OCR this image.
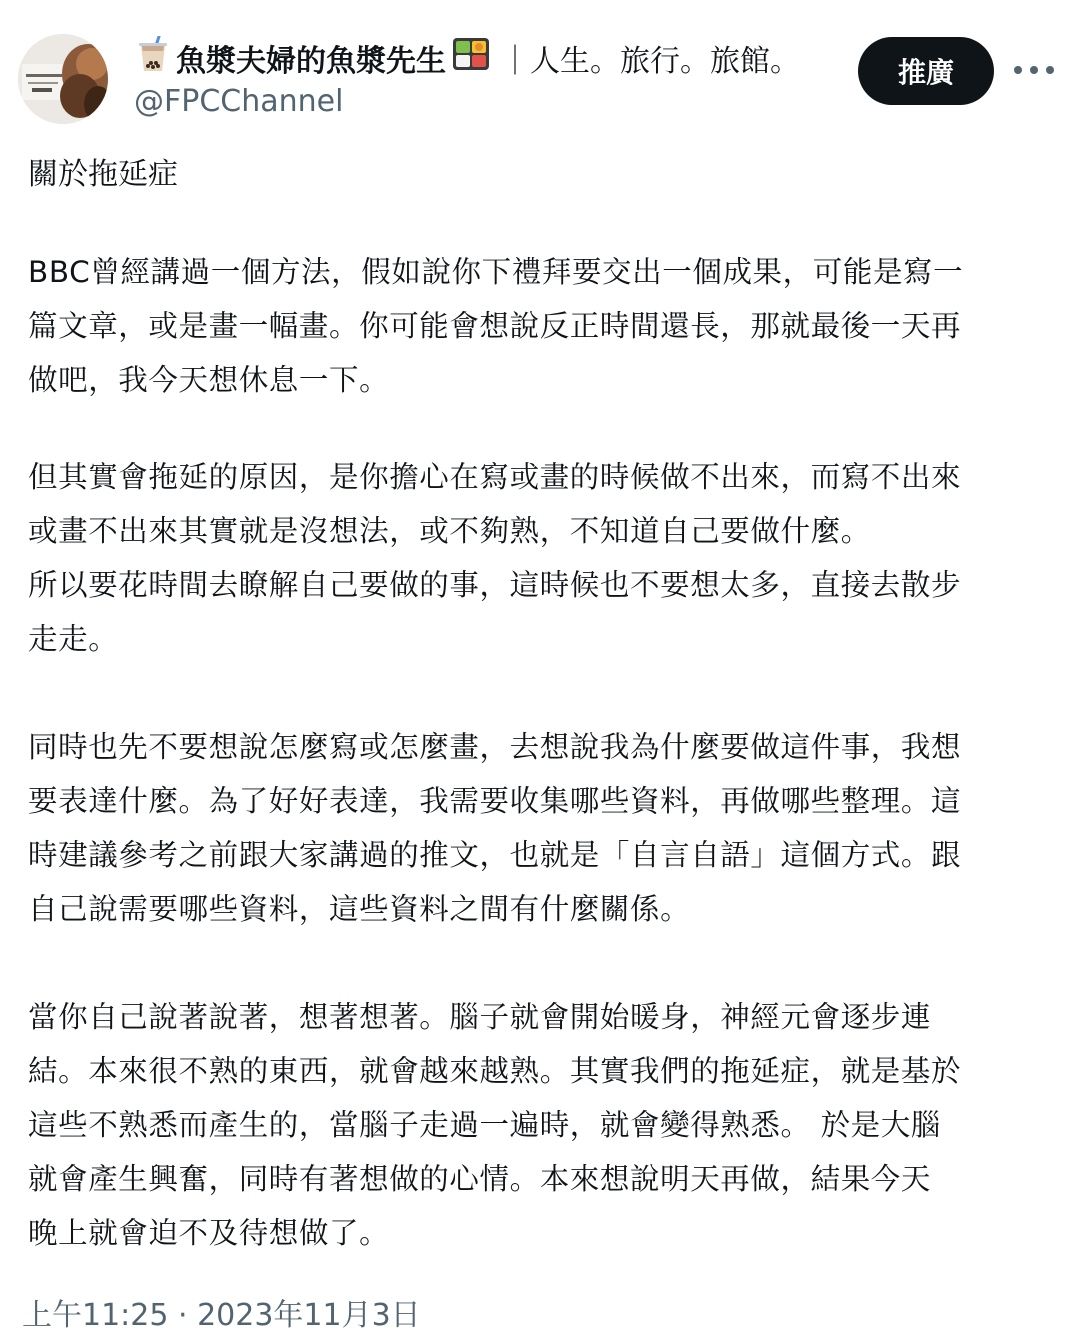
魚漿夫婦的魚漿先生 ｜人生。旅行。旅館。
@FPCChannel
推廣
關於拖延症
BBC曾經講過一個方法，假如說你下禮拜要交出一個成果，可能是寫一
篇文章，或是畫一幅畫。你可能會想說反正時間還長，那就最後一天再
做吧，我今天想休息一下。
但其實會拖延的原因，是你擔心在寫或畫的時候做不出來，而寫不出來
或畫不出來其實就是沒想法，或不夠熟，不知道自己要做什麼。
所以要花時間去瞭解自己要做的事，這時候也不要想太多，直接去散步
走走。
同時也先不要想說怎麼寫或怎麼畫，去想說我為什麼要做這件事，我想
要表達什麼。為了好好表達，我需要收集哪些資料，再做哪些整理。這
時建議參考之前跟大家講過的推文，也就是「自言自語」這個方式。跟
自己說需要哪些資料，這些資料之間有什麼關係。
當你自己說著說著，想著想著。腦子就會開始暖身，神經元會逐步連
結。本來很不熟的東西，就會越來越熟。其實我們的拖延症，就是基於
這些不熟悉而產生的，當腦子走過一遍時，就會變得熟悉。 於是大腦
就會產生興奮，同時有著想做的心情。本來想說明天再做，結果今天
晚上就會迫不及待想做了。
上午11:25 · 2023年11月3日
